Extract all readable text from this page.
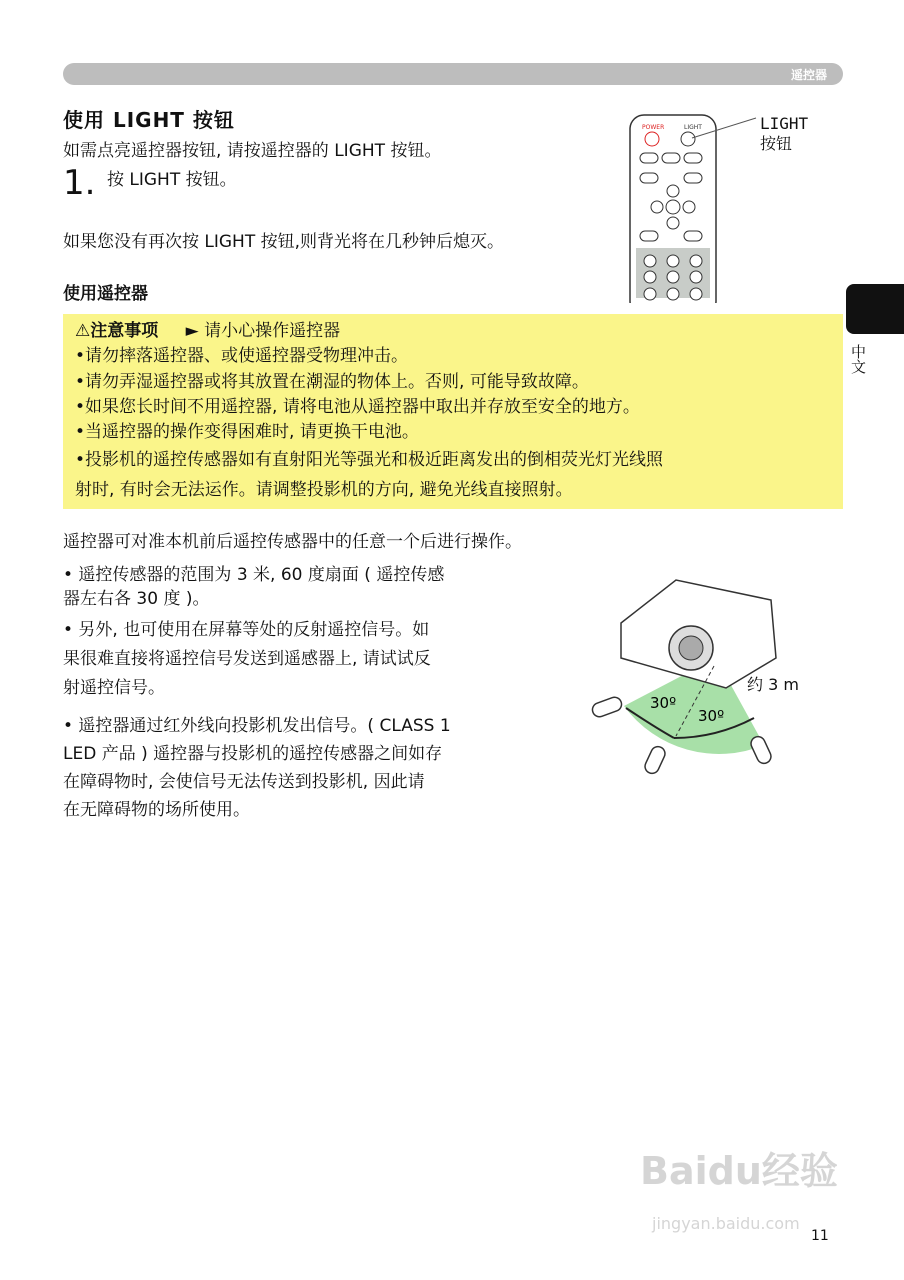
遥控器
使用 LIGHT 按钮
如需点亮遥控器按钮, 请按遥控器的 LIGHT 按钮。
1. 按 LIGHT 按钮。
如果您没有再次按 LIGHT 按钮,则背光将在几秒钟后熄灭。
POWER	LIGHT	LIGHT
按钮
使用遥控器
中文
⚠注意事项 ► 请小心操作遥控器
•请勿摔落遥控器、或使遥控器受物理冲击。
•请勿弄湿遥控器或将其放置在潮湿的物体上。否则, 可能导致故障。
•如果您长时间不用遥控器, 请将电池从遥控器中取出并存放至安全的地方。
•当遥控器的操作变得困难时, 请更换干电池。
•投影机的遥控传感器如有直射阳光等强光和极近距离发出的倒相荧光灯光线照
射时, 有时会无法运作。请调整投影机的方向, 避免光线直接照射。
遥控器可对准本机前后遥控传感器中的任意一个后进行操作。
• 遥控传感器的范围为 3 米, 60 度扇面 ( 遥控传感
器左右各 30 度 )。
• 另外, 也可使用在屏幕等处的反射遥控信号。如
果很难直接将遥控信号发送到遥感器上, 请试试反
射遥控信号。
• 遥控器通过红外线向投影机发出信号。( CLASS 1
LED 产品 ) 遥控器与投影机的遥控传感器之间如存
在障碍物时, 会使信号无法传送到投影机, 因此请
在无障碍物的场所使用。
30º
30º
约 3 m
Baidu经验
jingyan.baidu.com
11
